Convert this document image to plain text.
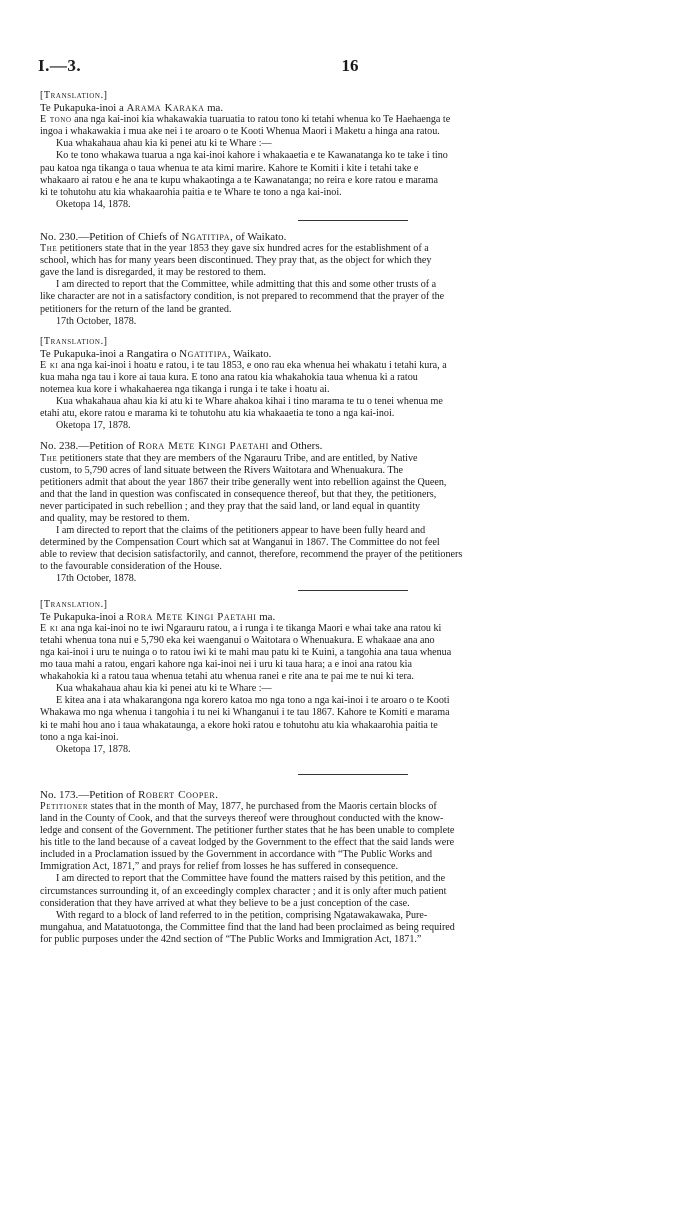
I.—3.	16

[Translation.]

Te Pukapuka-inoi a Arama Karaka ma.

E tono ana nga kai-inoi kia whakawakia tuaruatia to ratou tono ki tetahi whenua ko Te Haehaenga te

ingoa i whakawakia i mua ake nei i te aroaro o te Kooti Whenua Maori i Maketu a hinga ana ratou.

Kua whakahaua ahau kia ki penei atu ki te Whare :—

Ko te tono whakawa tuarua a nga kai-inoi kahore i whakaaetia e te Kawanatanga ko te take i tino

pau katoa nga tikanga o taua whenua te ata kimi marire. Kahore te Komiti i kite i tetahi take e

whakaaro ai ratou e he ana te kupu whakaotinga a te Kawanatanga; no reira e kore ratou e marama

ki te tohutohu atu kia whakaarohia paitia e te Whare te tono a nga kai-inoi.

Oketopa 14, 1878.

No. 230.—Petition of Chiefs of Ngatitipa, of Waikato.

The petitioners state that in the year 1853 they gave six hundred acres for the establishment of a

school, which has for many years been discontinued. They pray that, as the object for which they

gave the land is disregarded, it may be restored to them.

I am directed to report that the Committee, while admitting that this and some other trusts of a

like character are not in a satisfactory condition, is not prepared to recommend that the prayer of the

petitioners for the return of the land be granted.

17th October, 1878.

[Translation.]

Te Pukapuka-inoi a Rangatira o Ngatitipa, Waikato.

E ki ana nga kai-inoi i hoatu e ratou, i te tau 1853, e ono rau eka whenua hei whakatu i tetahi kura, a

kua maha nga tau i kore ai taua kura. E tono ana ratou kia whakahokia taua whenua ki a ratou

notemea kua kore i whakahaerea nga tikanga i runga i te take i hoatu ai.

Kua whakahaua ahau kia ki atu ki te Whare ahakoa kihai i tino marama te tu o tenei whenua me

etahi atu, ekore ratou e marama ki te tohutohu atu kia whakaaetia te tono a nga kai-inoi.

Oketopa 17, 1878.

No. 238.—Petition of Rora Mete Kingi Paetahi and Others.

The petitioners state that they are members of the Ngarauru Tribe, and are entitled, by Native

custom, to 5,790 acres of land situate between the Rivers Waitotara and Whenuakura. The

petitioners admit that about the year 1867 their tribe generally went into rebellion against the Queen,

and that the land in question was confiscated in consequence thereof, but that they, the petitioners,

never participated in such rebellion ; and they pray that the said land, or land equal in quantity

and quality, may be restored to them.

I am directed to report that the claims of the petitioners appear to have been fully heard and

determined by the Compensation Court which sat at Wanganui in 1867. The Committee do not feel

able to review that decision satisfactorily, and cannot, therefore, recommend the prayer of the petitioners

to the favourable consideration of the House.

17th October, 1878.

[Translation.]

Te Pukapuka-inoi a Rora Mete Kingi Paetahi ma.

E ki ana nga kai-inoi no te iwi Ngarauru ratou, a i runga i te tikanga Maori e whai take ana ratou ki

tetahi whenua tona nui e 5,790 eka kei waenganui o Waitotara o Whenuakura. E whakaae ana ano

nga kai-inoi i uru te nuinga o to ratou iwi ki te mahi mau patu ki te Kuini, a tangohia ana taua whenua

mo taua mahi a ratou, engari kahore nga kai-inoi nei i uru ki taua hara; a e inoi ana ratou kia

whakahokia ki a ratou taua whenua tetahi atu whenua ranei e rite ana te pai me te nui ki tera.

Kua whakahaua ahau kia ki penei atu ki te Whare :—

E kitea ana i ata whakarangona nga korero katoa mo nga tono a nga kai-inoi i te aroaro o te Kooti

Whakawa mo nga whenua i tangohia i tu nei ki Whanganui i te tau 1867. Kahore te Komiti e marama

ki te mahi hou ano i taua whakataunga, a ekore hoki ratou e tohutohu atu kia whakaarohia paitia te

tono a nga kai-inoi.

Oketopa 17, 1878.

No. 173.—Petition of Robert Cooper.

Petitioner states that in the month of May, 1877, he purchased from the Maoris certain blocks of

land in the County of Cook, and that the surveys thereof were throughout conducted with the know-

ledge and consent of the Government. The petitioner further states that he has been unable to complete

his title to the land because of a caveat lodged by the Government to the effect that the said lands were

included in a Proclamation issued by the Government in accordance with “The Public Works and

Immigration Act, 1871,” and prays for relief from losses he has suffered in consequence.

I am directed to report that the Committee have found the matters raised by this petition, and the

circumstances surrounding it, of an exceedingly complex character ; and it is only after much patient

consideration that they have arrived at what they believe to be a just conception of the case.

With regard to a block of land referred to in the petition, comprising Ngatawakawaka, Pure-

mungahua, and Matatuotonga, the Committee find that the land had been proclaimed as being required

for public purposes under the 42nd section of “The Public Works and Immigration Act, 1871.”
